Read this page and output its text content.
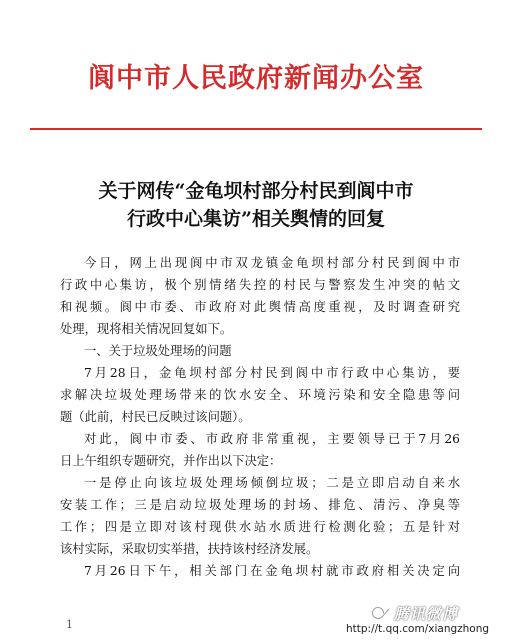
阆中市人民政府新闻办公室
关于网传“金龟坝村部分村民到阆中市
行政中心集访”相关舆情的回复
今日，网上出现阆中市双龙镇金龟坝村部分村民到阆中市
行政中心集访，极个别情绪失控的村民与警察发生冲突的帖文
和视频。阆中市委、市政府对此舆情高度重视，及时调查研究
处理，现将相关情况回复如下。
一、关于垃圾处理场的问题
7月28日，金龟坝村部分村民到阆中市行政中心集访，要
求解决垃圾处理场带来的饮水安全、环境污染和安全隐患等问
题（此前，村民已反映过该问题）。
对此，阆中市委、市政府非常重视，主要领导已于7月26
日上午组织专题研究，并作出以下决定：
一是停止向该垃圾处理场倾倒垃圾；二是立即启动自来水
安装工作；三是启动垃圾处理场的封场、排危、清污、净臭等
工作；四是立即对该村现供水站水质进行检测化验；五是针对
该村实际，采取切实举措，扶持该村经济发展。
7月26日下午，相关部门在金龟坝村就市政府相关决定向
1
腾讯微博
http://t.qq.com/xiangzhong
